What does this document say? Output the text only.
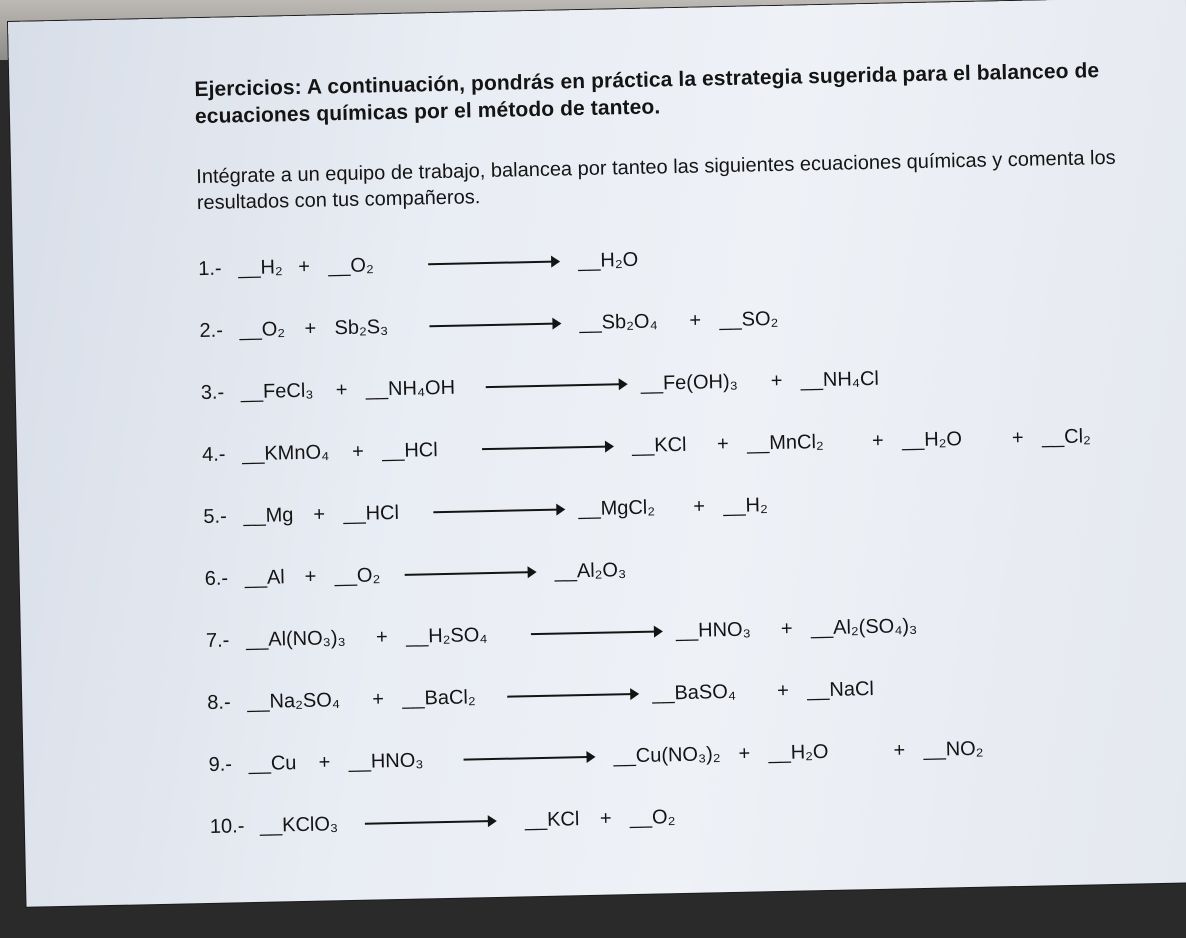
Ejercicios: A continuación, pondrás en práctica la estrategia sugerida para el balanceo de ecuaciones químicas por el método de tanteo.

Intégrate a un equipo de trabajo, balancea por tanteo las siguientes ecuaciones químicas y comenta los resultados con tus compañeros.

1.- __H₂ + __O₂	__H₂O
2.- __O₂ + Sb₂S₃	__Sb₂O₄ + __SO₂
3.- __FeCl₃ + __NH₄OH	__Fe(OH)₃ + __NH₄Cl
4.- __KMnO₄ + __HCl	__KCl + __MnCl₂ + __H₂O + __Cl₂
5.- __Mg + __HCl	__MgCl₂ + __H₂
6.- __Al + __O₂	__Al₂O₃
7.- __Al(NO₃)₃ + __H₂SO₄	__HNO₃ + __Al₂(SO₄)₃
8.- __Na₂SO₄ + __BaCl₂	__BaSO₄ + __NaCl
9.- __Cu + __HNO₃	__Cu(NO₃)₂ + __H₂O	+ __NO₂
10.- __KClO₃	__KCl + __O₂
